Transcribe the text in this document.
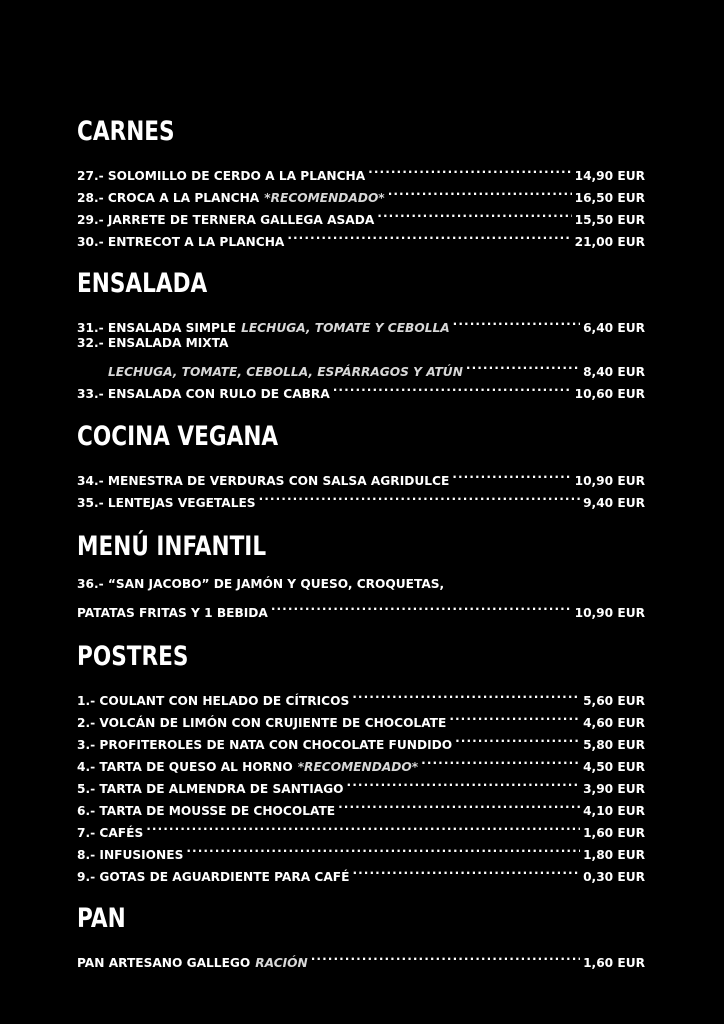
CARNES
27.- SOLOMILLO DE CERDO A LA PLANCHA . . .	14,90 EUR
28.- CROCA A LA PLANCHA *RECOMENDADO* . . .	16,50 EUR
29.- JARRETE DE TERNERA GALLEGA ASADA . . .	15,50 EUR
30.- ENTRECOT A LA PLANCHA . . .	21,00 EUR
ENSALADA
31.- ENSALADA SIMPLE LECHUGA, TOMATE Y CEBOLLA . . .	6,40 EUR
32.- ENSALADA MIXTA
LECHUGA, TOMATE, CEBOLLA, ESPÁRRAGOS Y ATÚN . . .	8,40 EUR
33.- ENSALADA CON RULO DE CABRA . . .	10,60 EUR
COCINA VEGANA
34.- MENESTRA DE VERDURAS CON SALSA AGRIDULCE . . .	10,90 EUR
35.- LENTEJAS VEGETALES . . .	9,40 EUR
MENÚ INFANTIL
36.- “SAN JACOBO” DE JAMÓN Y QUESO, CROQUETAS,
PATATAS FRITAS Y 1 BEBIDA . . .	10,90 EUR
POSTRES
1.- COULANT CON HELADO DE CÍTRICOS . . .	5,60 EUR
2.- VOLCÁN DE LIMÓN CON CRUJIENTE DE CHOCOLATE . . .	4,60 EUR
3.- PROFITEROLES DE NATA CON CHOCOLATE FUNDIDO . . .	5,80 EUR
4.- TARTA DE QUESO AL HORNO *RECOMENDADO* . . .	4,50 EUR
5.- TARTA DE ALMENDRA DE SANTIAGO . . .	3,90 EUR
6.- TARTA DE MOUSSE DE CHOCOLATE . . .	4,10 EUR
7.- CAFÉS . . .	1,60 EUR
8.- INFUSIONES . . .	1,80 EUR
9.- GOTAS DE AGUARDIENTE PARA CAFÉ . . .	0,30 EUR
PAN
PAN ARTESANO GALLEGO RACIÓN . . .	1,60 EUR
